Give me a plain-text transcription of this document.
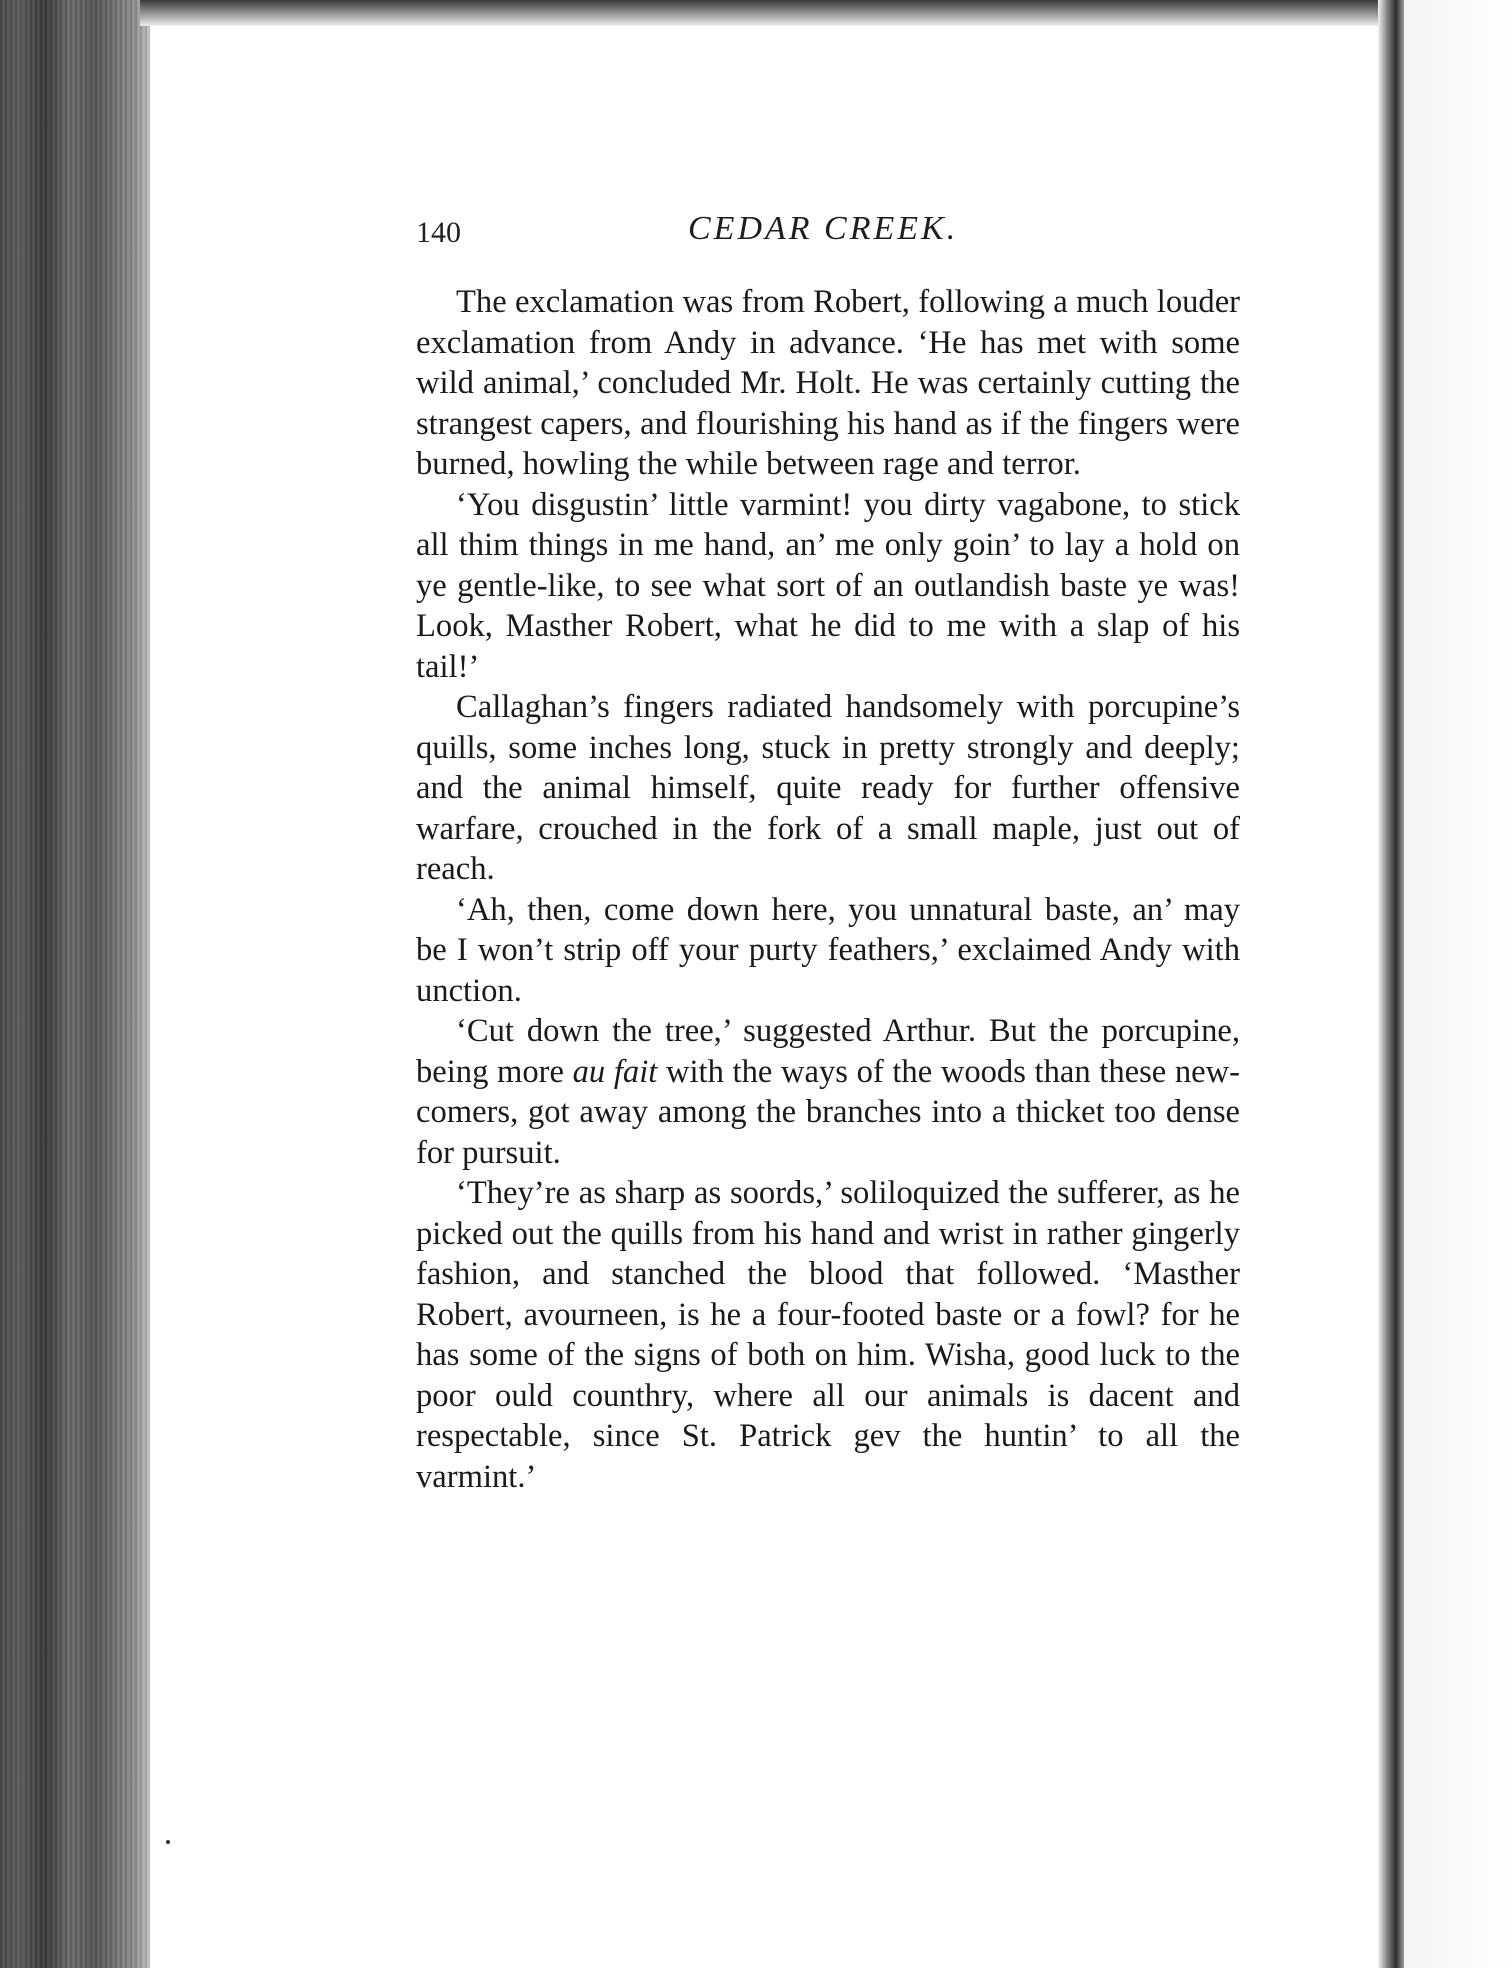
140	CEDAR CREEK.

The exclamation was from Robert, following a much louder exclamation from Andy in advance. ‘He has met with some wild animal,’ concluded Mr. Holt. He was certainly cutting the strangest capers, and flourishing his hand as if the fingers were burned, howling the while between rage and terror.

‘You disgustin’ little varmint! you dirty vagabone, to stick all thim things in me hand, an’ me only goin’ to lay a hold on ye gentle-like, to see what sort of an outlandish baste ye was! Look, Masther Robert, what he did to me with a slap of his tail!’

Callaghan’s fingers radiated handsomely with porcupine’s quills, some inches long, stuck in pretty strongly and deeply; and the animal himself, quite ready for further offensive warfare, crouched in the fork of a small maple, just out of reach.

‘Ah, then, come down here, you unnatural baste, an’ may be I won’t strip off your purty feathers,’ exclaimed Andy with unction.

‘Cut down the tree,’ suggested Arthur. But the porcupine, being more au fait with the ways of the woods than these new-comers, got away among the branches into a thicket too dense for pursuit.

‘They’re as sharp as soords,’ soliloquized the sufferer, as he picked out the quills from his hand and wrist in rather gingerly fashion, and stanched the blood that followed. ‘Masther Robert, avourneen, is he a four-footed baste or a fowl? for he has some of the signs of both on him. Wisha, good luck to the poor ould counthry, where all our animals is dacent and respectable, since St. Patrick gev the huntin’ to all the varmint.’
